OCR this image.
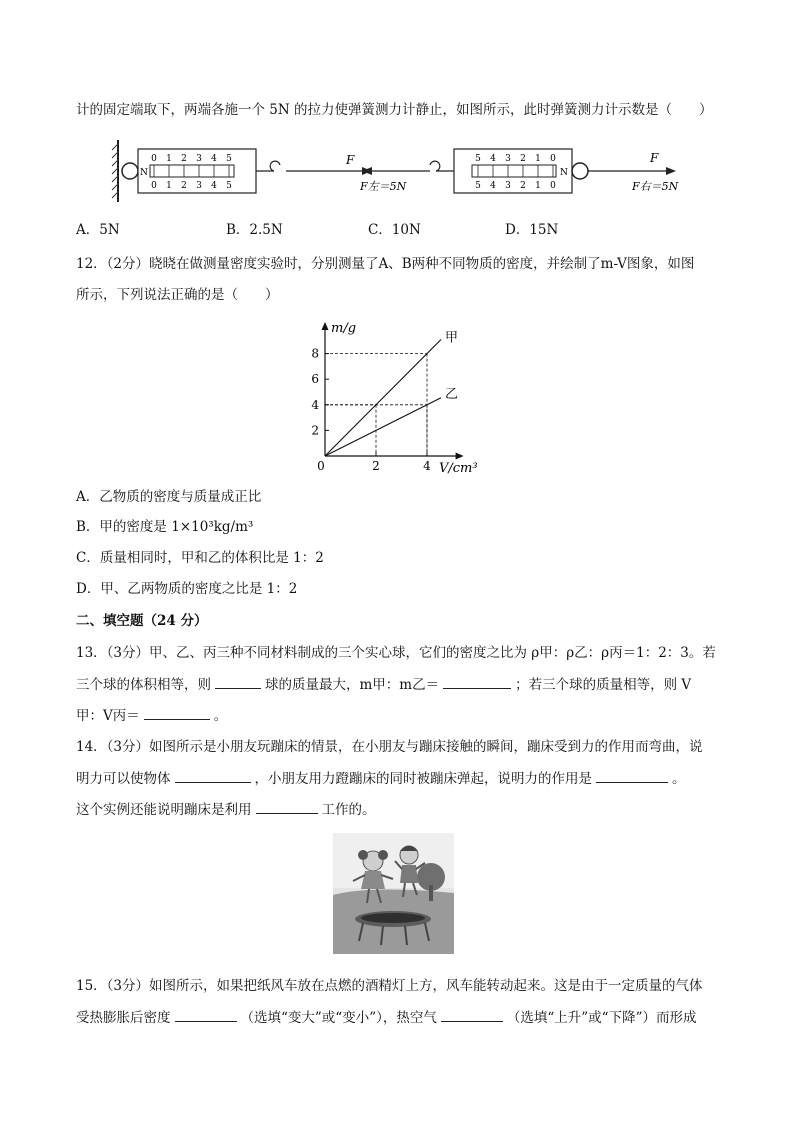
计的固定端取下，两端各施一个 5N 的拉力使弹簧测力计静止，如图所示，此时弹簧测力计示数是（　　）
N
0 1 2 3 4 5
0 1 2 3 4 5
F
F左＝5N
5 4 3 2 1 0
5 4 3 2 1 0
N
F
F右＝5N
A．5N	B．2.5N	C．10N	D．15N
12．（2分）晓晓在做测量密度实验时，分别测量了A、B两种不同物质的密度，并绘制了m-V图象，如图
所示，下列说法正确的是（　　）
m/g
V/cm³
0
2
4
6
8
2	4
甲
乙
A．乙物质的密度与质量成正比
B．甲的密度是 1×10³kg/m³
C．质量相同时，甲和乙的体积比是 1：2
D．甲、乙两物质的密度之比是 1：2
二、填空题（24 分）
13．（3分）甲、乙、丙三种不同材料制成的三个实心球，它们的密度之比为 ρ甲：ρ乙：ρ丙＝1：2：3。若
三个球的体积相等，则	球的质量最大，m甲：m乙＝	；若三个球的质量相等，则 V
甲：V丙＝	。
14．（3分）如图所示是小朋友玩蹦床的情景，在小朋友与蹦床接触的瞬间，蹦床受到力的作用而弯曲，说
明力可以使物体	，小朋友用力蹬蹦床的同时被蹦床弹起，说明力的作用是	。
这个实例还能说明蹦床是利用	工作的。
15．（3分）如图所示，如果把纸风车放在点燃的酒精灯上方，风车能转动起来。这是由于一定质量的气体
受热膨胀后密度	（选填“变大”或“变小”），热空气	（选填“上升”或“下降”）而形成
